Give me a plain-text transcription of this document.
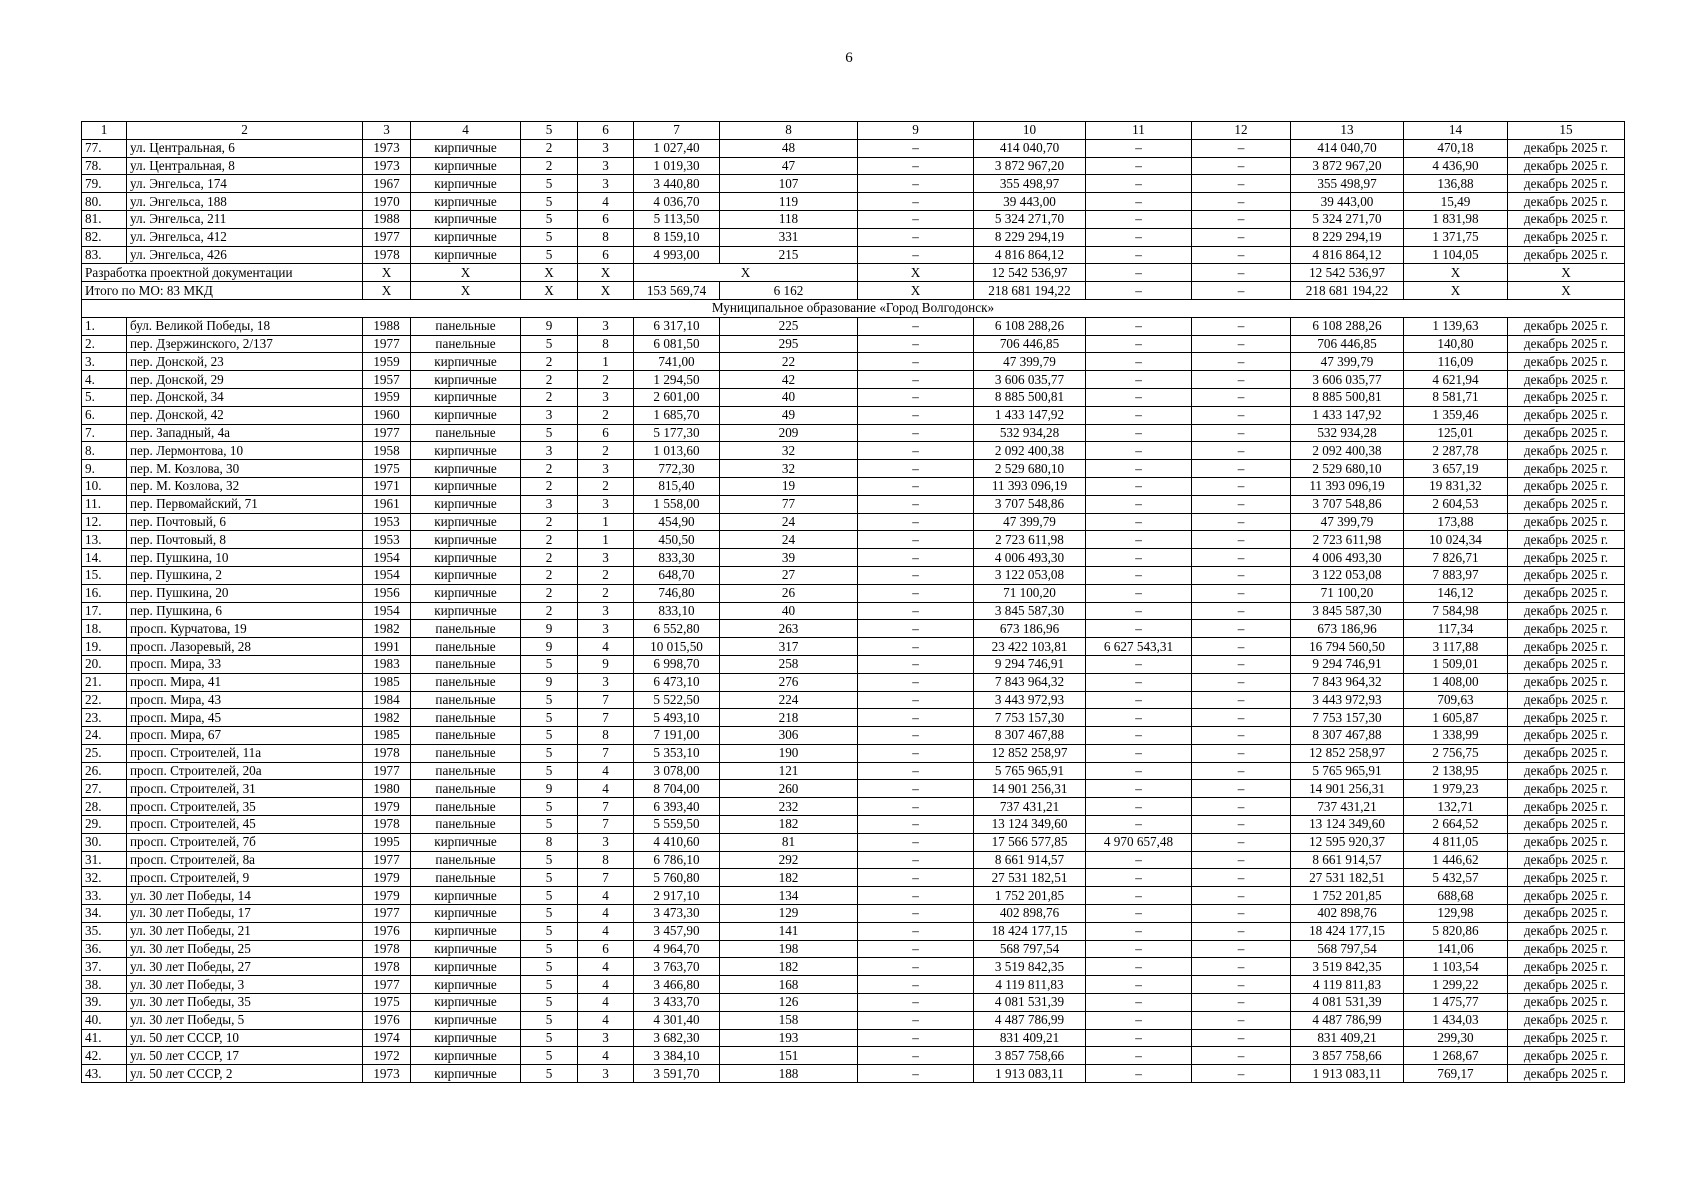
6
1	2	3	4	5	6	7	8	9	10	11	12	13	14	15
77.	ул. Центральная, 6	1973	кирпичные	2	3	1 027,40	48	–	414 040,70	–	–	414 040,70	470,18	декабрь 2025 г.
78.	ул. Центральная, 8	1973	кирпичные	2	3	1 019,30	47	–	3 872 967,20	–	–	3 872 967,20	4 436,90	декабрь 2025 г.
79.	ул. Энгельса, 174	1967	кирпичные	5	3	3 440,80	107	–	355 498,97	–	–	355 498,97	136,88	декабрь 2025 г.
80.	ул. Энгельса, 188	1970	кирпичные	5	4	4 036,70	119	–	39 443,00	–	–	39 443,00	15,49	декабрь 2025 г.
81.	ул. Энгельса, 211	1988	кирпичные	5	6	5 113,50	118	–	5 324 271,70	–	–	5 324 271,70	1 831,98	декабрь 2025 г.
82.	ул. Энгельса, 412	1977	кирпичные	5	8	8 159,10	331	–	8 229 294,19	–	–	8 229 294,19	1 371,75	декабрь 2025 г.
83.	ул. Энгельса, 426	1978	кирпичные	5	6	4 993,00	215	–	4 816 864,12	–	–	4 816 864,12	1 104,05	декабрь 2025 г.
Разработка проектной документации		X	X	X	X	X		X	12 542 536,97	–	–	12 542 536,97	X	X
Итого по МО: 83 МКД		X	X	X	X	153 569,74	6 162	X	218 681 194,22	–	–	218 681 194,22	X	X
Муниципальное образование «Город Волгодонск»														
1.	бул. Великой Победы, 18	1988	панельные	9	3	6 317,10	225	–	6 108 288,26	–	–	6 108 288,26	1 139,63	декабрь 2025 г.
2.	пер. Дзержинского, 2/137	1977	панельные	5	8	6 081,50	295	–	706 446,85	–	–	706 446,85	140,80	декабрь 2025 г.
3.	пер. Донской, 23	1959	кирпичные	2	1	741,00	22	–	47 399,79	–	–	47 399,79	116,09	декабрь 2025 г.
4.	пер. Донской, 29	1957	кирпичные	2	2	1 294,50	42	–	3 606 035,77	–	–	3 606 035,77	4 621,94	декабрь 2025 г.
5.	пер. Донской, 34	1959	кирпичные	2	3	2 601,00	40	–	8 885 500,81	–	–	8 885 500,81	8 581,71	декабрь 2025 г.
6.	пер. Донской, 42	1960	кирпичные	3	2	1 685,70	49	–	1 433 147,92	–	–	1 433 147,92	1 359,46	декабрь 2025 г.
7.	пер. Западный, 4а	1977	панельные	5	6	5 177,30	209	–	532 934,28	–	–	532 934,28	125,01	декабрь 2025 г.
8.	пер. Лермонтова, 10	1958	кирпичные	3	2	1 013,60	32	–	2 092 400,38	–	–	2 092 400,38	2 287,78	декабрь 2025 г.
9.	пер. М. Козлова, 30	1975	кирпичные	2	3	772,30	32	–	2 529 680,10	–	–	2 529 680,10	3 657,19	декабрь 2025 г.
10.	пер. М. Козлова, 32	1971	кирпичные	2	2	815,40	19	–	11 393 096,19	–	–	11 393 096,19	19 831,32	декабрь 2025 г.
11.	пер. Первомайский, 71	1961	кирпичные	3	3	1 558,00	77	–	3 707 548,86	–	–	3 707 548,86	2 604,53	декабрь 2025 г.
12.	пер. Почтовый, 6	1953	кирпичные	2	1	454,90	24	–	47 399,79	–	–	47 399,79	173,88	декабрь 2025 г.
13.	пер. Почтовый, 8	1953	кирпичные	2	1	450,50	24	–	2 723 611,98	–	–	2 723 611,98	10 024,34	декабрь 2025 г.
14.	пер. Пушкина, 10	1954	кирпичные	2	3	833,30	39	–	4 006 493,30	–	–	4 006 493,30	7 826,71	декабрь 2025 г.
15.	пер. Пушкина, 2	1954	кирпичные	2	2	648,70	27	–	3 122 053,08	–	–	3 122 053,08	7 883,97	декабрь 2025 г.
16.	пер. Пушкина, 20	1956	кирпичные	2	2	746,80	26	–	71 100,20	–	–	71 100,20	146,12	декабрь 2025 г.
17.	пер. Пушкина, 6	1954	кирпичные	2	3	833,10	40	–	3 845 587,30	–	–	3 845 587,30	7 584,98	декабрь 2025 г.
18.	просп. Курчатова, 19	1982	панельные	9	3	6 552,80	263	–	673 186,96	–	–	673 186,96	117,34	декабрь 2025 г.
19.	просп. Лазоревый, 28	1991	панельные	9	4	10 015,50	317	–	23 422 103,81	6 627 543,31	–	16 794 560,50	3 117,88	декабрь 2025 г.
20.	просп. Мира, 33	1983	панельные	5	9	6 998,70	258	–	9 294 746,91	–	–	9 294 746,91	1 509,01	декабрь 2025 г.
21.	просп. Мира, 41	1985	панельные	9	3	6 473,10	276	–	7 843 964,32	–	–	7 843 964,32	1 408,00	декабрь 2025 г.
22.	просп. Мира, 43	1984	панельные	5	7	5 522,50	224	–	3 443 972,93	–	–	3 443 972,93	709,63	декабрь 2025 г.
23.	просп. Мира, 45	1982	панельные	5	7	5 493,10	218	–	7 753 157,30	–	–	7 753 157,30	1 605,87	декабрь 2025 г.
24.	просп. Мира, 67	1985	панельные	5	8	7 191,00	306	–	8 307 467,88	–	–	8 307 467,88	1 338,99	декабрь 2025 г.
25.	просп. Строителей, 11а	1978	панельные	5	7	5 353,10	190	–	12 852 258,97	–	–	12 852 258,97	2 756,75	декабрь 2025 г.
26.	просп. Строителей, 20а	1977	панельные	5	4	3 078,00	121	–	5 765 965,91	–	–	5 765 965,91	2 138,95	декабрь 2025 г.
27.	просп. Строителей, 31	1980	панельные	9	4	8 704,00	260	–	14 901 256,31	–	–	14 901 256,31	1 979,23	декабрь 2025 г.
28.	просп. Строителей, 35	1979	панельные	5	7	6 393,40	232	–	737 431,21	–	–	737 431,21	132,71	декабрь 2025 г.
29.	просп. Строителей, 45	1978	панельные	5	7	5 559,50	182	–	13 124 349,60	–	–	13 124 349,60	2 664,52	декабрь 2025 г.
30.	просп. Строителей, 7б	1995	кирпичные	8	3	4 410,60	81	–	17 566 577,85	4 970 657,48	–	12 595 920,37	4 811,05	декабрь 2025 г.
31.	просп. Строителей, 8а	1977	панельные	5	8	6 786,10	292	–	8 661 914,57	–	–	8 661 914,57	1 446,62	декабрь 2025 г.
32.	просп. Строителей, 9	1979	панельные	5	7	5 760,80	182	–	27 531 182,51	–	–	27 531 182,51	5 432,57	декабрь 2025 г.
33.	ул. 30 лет Победы, 14	1979	кирпичные	5	4	2 917,10	134	–	1 752 201,85	–	–	1 752 201,85	688,68	декабрь 2025 г.
34.	ул. 30 лет Победы, 17	1977	кирпичные	5	4	3 473,30	129	–	402 898,76	–	–	402 898,76	129,98	декабрь 2025 г.
35.	ул. 30 лет Победы, 21	1976	кирпичные	5	4	3 457,90	141	–	18 424 177,15	–	–	18 424 177,15	5 820,86	декабрь 2025 г.
36.	ул. 30 лет Победы, 25	1978	кирпичные	5	6	4 964,70	198	–	568 797,54	–	–	568 797,54	141,06	декабрь 2025 г.
37.	ул. 30 лет Победы, 27	1978	кирпичные	5	4	3 763,70	182	–	3 519 842,35	–	–	3 519 842,35	1 103,54	декабрь 2025 г.
38.	ул. 30 лет Победы, 3	1977	кирпичные	5	4	3 466,80	168	–	4 119 811,83	–	–	4 119 811,83	1 299,22	декабрь 2025 г.
39.	ул. 30 лет Победы, 35	1975	кирпичные	5	4	3 433,70	126	–	4 081 531,39	–	–	4 081 531,39	1 475,77	декабрь 2025 г.
40.	ул. 30 лет Победы, 5	1976	кирпичные	5	4	4 301,40	158	–	4 487 786,99	–	–	4 487 786,99	1 434,03	декабрь 2025 г.
41.	ул. 50 лет СССР, 10	1974	кирпичные	5	3	3 682,30	193	–	831 409,21	–	–	831 409,21	299,30	декабрь 2025 г.
42.	ул. 50 лет СССР, 17	1972	кирпичные	5	4	3 384,10	151	–	3 857 758,66	–	–	3 857 758,66	1 268,67	декабрь 2025 г.
43.	ул. 50 лет СССР, 2	1973	кирпичные	5	3	3 591,70	188	–	1 913 083,11	–	–	1 913 083,11	769,17	декабрь 2025 г.
